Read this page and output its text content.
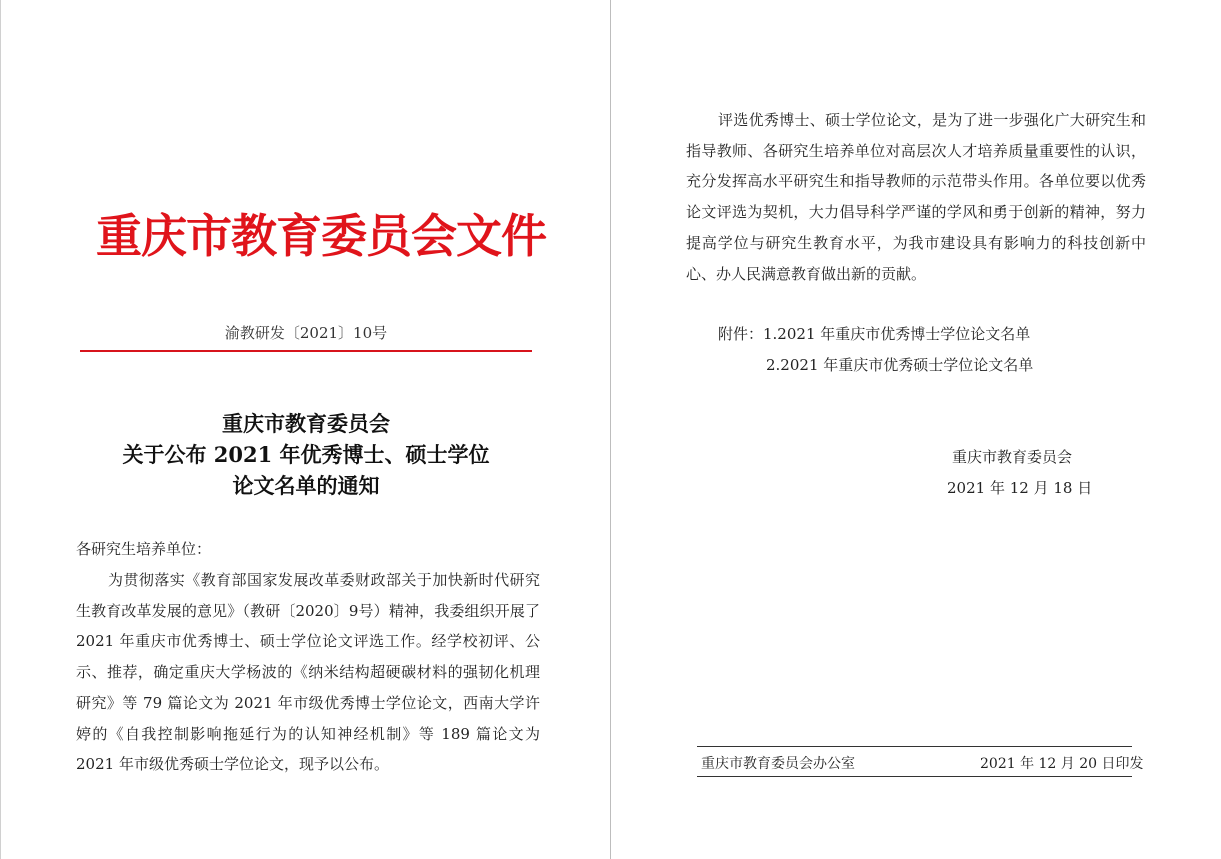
重庆市教育委员会文件
渝教研发〔2021〕10号
重庆市教育委员会
关于公布 2021 年优秀博士、硕士学位
论文名单的通知
各研究生培养单位：
为贯彻落实《教育部国家发展改革委财政部关于加快新时代研究生教育改革发展的意见》（教研〔2020〕9号）精神，我委组织开展了 2021 年重庆市优秀博士、硕士学位论文评选工作。经学校初评、公示、推荐，确定重庆大学杨波的《纳米结构超硬碳材料的强韧化机理研究》等 79 篇论文为 2021 年市级优秀博士学位论文，西南大学许婷的《自我控制影响拖延行为的认知神经机制》等 189 篇论文为 2021 年市级优秀硕士学位论文，现予以公布。
评选优秀博士、硕士学位论文，是为了进一步强化广大研究生和指导教师、各研究生培养单位对高层次人才培养质量重要性的认识，充分发挥高水平研究生和指导教师的示范带头作用。各单位要以优秀论文评选为契机，大力倡导科学严谨的学风和勇于创新的精神，努力提高学位与研究生教育水平，为我市建设具有影响力的科技创新中心、办人民满意教育做出新的贡献。
附件：1.2021 年重庆市优秀博士学位论文名单
2.2021 年重庆市优秀硕士学位论文名单
重庆市教育委员会
2021 年 12 月 18 日
重庆市教育委员会办公室	2021 年 12 月 20 日印发
